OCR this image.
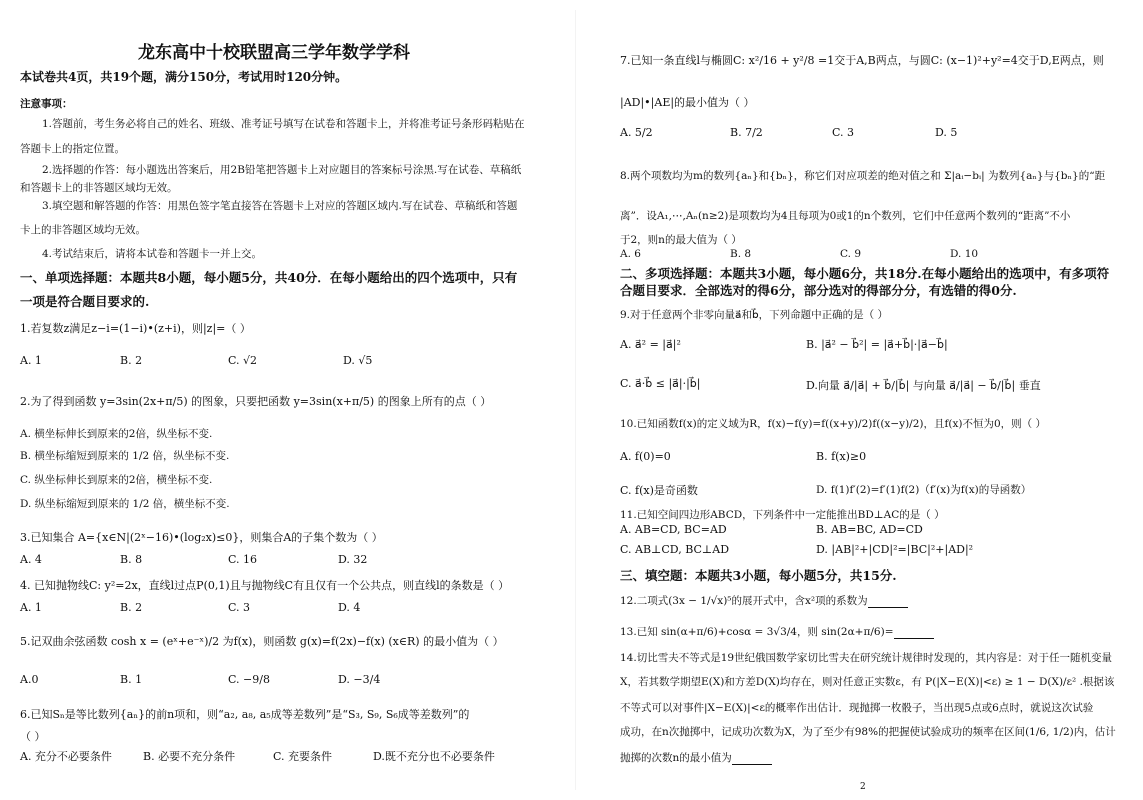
龙东高中十校联盟高三学年数学学科
本试卷共4页，共19个题，满分150分，考试用时120分钟。
注意事项：
1.答题前，考生务必将自己的姓名、班级、准考证号填写在试卷和答题卡上，并将准考证号条形码粘贴在
答题卡上的指定位置。
2.选择题的作答：每小题选出答案后，用2B铅笔把答题卡上对应题目的答案标号涂黑.写在试卷、草稿纸
和答题卡上的非答题区域均无效。
3.填空题和解答题的作答：用黑色签字笔直接答在答题卡上对应的答题区域内.写在试卷、草稿纸和答题
卡上的非答题区域均无效。
4.考试结束后，请将本试卷和答题卡一并上交。
一、单项选择题：本题共8小题，每小题5分，共40分．在每小题给出的四个选项中，只有
一项是符合题目要求的.
1.若复数z满足z−i=(1−i)•(z+i)，则|z|=（ ）
A. 1	B. 2	C. √2	D. √5
2.为了得到函数 y=3sin(2x+π/5) 的图象，只要把函数 y=3sin(x+π/5) 的图象上所有的点（ ）
A. 横坐标伸长到原来的2倍，纵坐标不变.
B. 横坐标缩短到原来的 1/2 倍，纵坐标不变.
C. 纵坐标伸长到原来的2倍，横坐标不变.
D. 纵坐标缩短到原来的 1/2 倍，横坐标不变.
3.已知集合 A={x∈N|(2ˣ−16)•(log₂x)≤0}，则集合A的子集个数为（ ）
A. 4	B. 8	C. 16	D. 32
4. 已知抛物线C: y²=2x，直线l过点P(0,1)且与抛物线C有且仅有一个公共点，则直线l的条数是（ ）
A. 1	B. 2	C. 3	D. 4
5.记双曲余弦函数 cosh x = (eˣ+e⁻ˣ)/2 为f(x)，则函数 g(x)=f(2x)−f(x) (x∈R) 的最小值为（ ）
A.0	B. 1	C. −9/8	D. −3/4
6.已知Sₙ是等比数列{aₙ}的前n项和，则“a₂, a₈, a₅成等差数列”是“S₃, S₉, S₆成等差数列”的
（ ）
A. 充分不必要条件	B. 必要不充分条件	C. 充要条件	D.既不充分也不必要条件
7.已知一条直线l与椭圆C: x²/16 + y²/8 =1交于A,B两点，与圆C: (x−1)²+y²=4交于D,E两点，则
|AD|•|AE|的最小值为（ ）
A. 5/2	B. 7/2	C. 3	D. 5
8.两个项数均为m的数列{aₙ}和{bₙ}，称它们对应项差的绝对值之和 Σ|aᵢ−bᵢ| 为数列{aₙ}与{bₙ}的“距
离”．设A₁,⋯,Aₙ(n≥2)是项数均为4且每项为0或1的n个数列，它们中任意两个数列的“距离”不小
于2，则n的最大值为（ ）
A. 6	B. 8	C. 9	D. 10
二、多项选择题：本题共3小题，每小题6分，共18分.在每小题给出的选项中，有多项符
合题目要求．全部选对的得6分，部分选对的得部分分，有选错的得0分.
9.对于任意两个非零向量a⃗和b⃗，下列命题中正确的是（ ）
A. a⃗² = |a⃗|²	B. |a⃗² − b⃗²| = |a⃗+b⃗|·|a⃗−b⃗|
C. a⃗·b⃗ ≤ |a⃗|·|b⃗|	D.向量 a⃗/|a⃗| + b⃗/|b⃗| 与向量 a⃗/|a⃗| − b⃗/|b⃗| 垂直
10.已知函数f(x)的定义域为R，f(x)−f(y)=f((x+y)/2)f((x−y)/2)，且f(x)不恒为0，则（ ）
A. f(0)=0	B. f(x)≥0
C. f(x)是奇函数	D. f(1)f′(2)=f′(1)f(2)（f′(x)为f(x)的导函数）
11.已知空间四边形ABCD，下列条件中一定能推出BD⊥AC的是（ ）
A. AB=CD, BC=AD	B. AB=BC, AD=CD
C. AB⊥CD, BC⊥AD	D. |AB|²+|CD|²=|BC|²+|AD|²
三、填空题：本题共3小题，每小题5分，共15分.
12.二项式(3x − 1/√x)⁵的展开式中，含x²项的系数为
13.已知 sin(α+π/6)+cosα = 3√3/4，则 sin(2α+π/6)=
14.切比雪夫不等式是19世纪俄国数学家切比雪夫在研究统计规律时发现的，其内容是：对于任一随机变量
X，若其数学期望E(X)和方差D(X)均存在，则对任意正实数ε，有 P(|X−E(X)|<ε) ≥ 1 − D(X)/ε² .根据该
不等式可以对事件|X−E(X)|<ε的概率作出估计．现抛掷一枚骰子，当出现5点或6点时，就说这次试验
成功，在n次抛掷中，记成功次数为X，为了至少有98%的把握使试验成功的频率在区间(1/6, 1/2)内，估计
抛掷的次数n的最小值为
2
